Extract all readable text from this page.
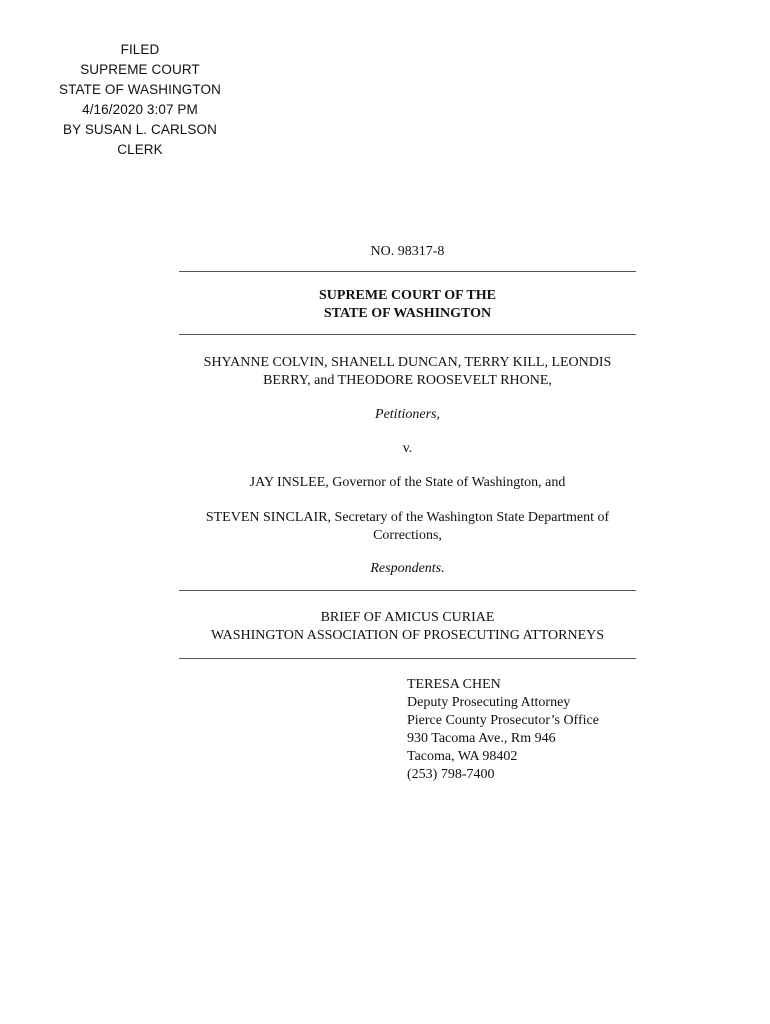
FILED
SUPREME COURT
STATE OF WASHINGTON
4/16/2020 3:07 PM
BY SUSAN L. CARLSON
CLERK
NO. 98317-8
SUPREME COURT OF THE
STATE OF WASHINGTON
SHYANNE COLVIN, SHANELL DUNCAN, TERRY KILL, LEONDIS
BERRY, and THEODORE ROOSEVELT RHONE,
Petitioners,
v.
JAY INSLEE, Governor of the State of Washington, and
STEVEN SINCLAIR, Secretary of the Washington State Department of
Corrections,
Respondents.
BRIEF OF AMICUS CURIAE
WASHINGTON ASSOCIATION OF PROSECUTING ATTORNEYS
TERESA CHEN
Deputy Prosecuting Attorney
Pierce County Prosecutor’s Office
930 Tacoma Ave., Rm 946
Tacoma, WA 98402
(253) 798-7400
